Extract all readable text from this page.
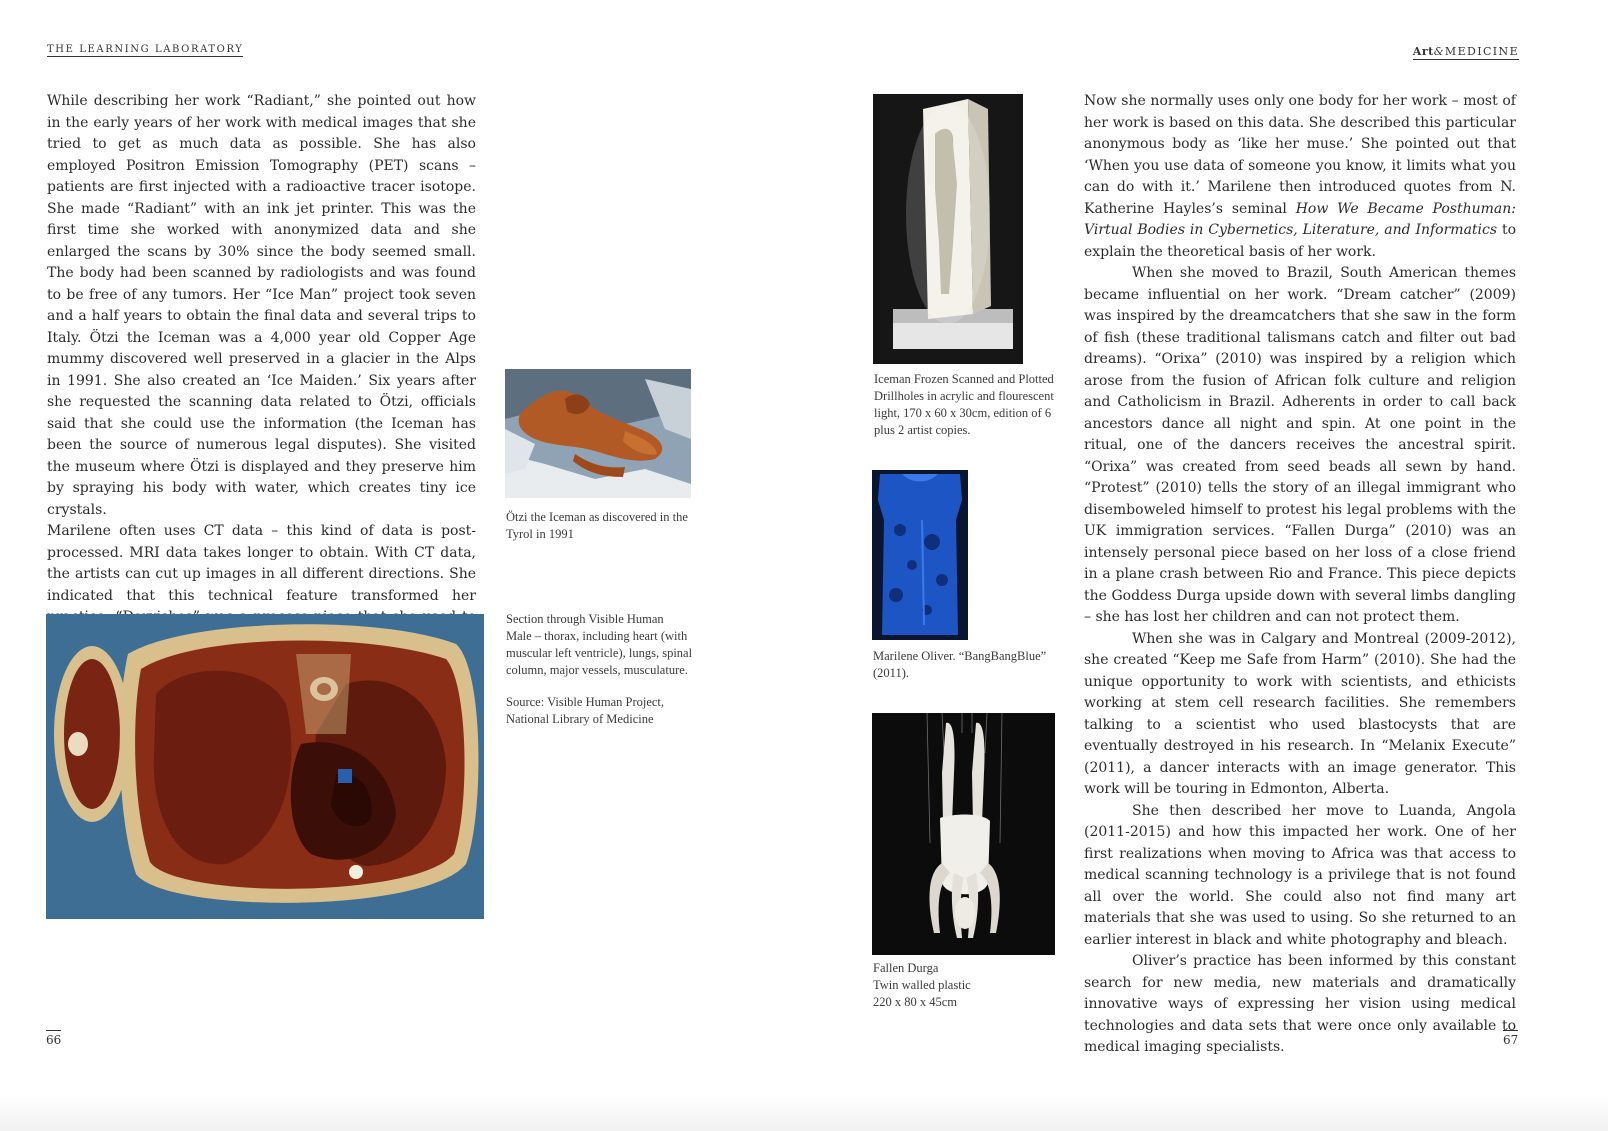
THE LEARNING LABORATORY

While describing her work “Radiant,” she pointed out how in the early years of her work with medical images that she tried to get as much data as possible. She has also employed Positron Emission Tomography (PET) scans – patients are first injected with a radioactive tracer isotope. She made “Radiant” with an ink jet printer. This was the first time she worked with anonymized data and she enlarged the scans by 30% since the body seemed small. The body had been scanned by radiologists and was found to be free of any tumors. Her “Ice Man” project took seven and a half years to obtain the final data and several trips to Italy. Ötzi the Iceman was a 4,000 year old Copper Age mummy discovered well preserved in a glacier in the Alps in 1991. She also created an ‘Ice Maiden.’ Six years after she requested the scanning data related to Ötzi, officials said that she could use the information (the Iceman has been the source of numerous legal disputes). She visited the museum where Ötzi is displayed and they preserve him by spraying his body with water, which creates tiny ice crystals.

Marilene often uses CT data – this kind of data is post-processed. MRI data takes longer to obtain. With CT data, the artists can cut up images in all different directions. She indicated that this technical feature transformed her

Ötzi the Iceman as discovered in the
Tyrol in 1991
Section through Visible Human
Male – thorax, including heart (with
muscular left ventricle), lungs, spinal
column, major vessels, musculature.
Source: Visible Human Project,
National Library of Medicine
66
Art&MEDICINE
Iceman Frozen Scanned and Plotted
Drillholes in acrylic and flourescent
light, 170 x 60 x 30cm, edition of 6
plus 2 artist copies.
Marilene Oliver. “BangBangBlue”
(2011).
Fallen Durga
Twin walled plastic
220 x 80 x 45cm

Now she normally uses only one body for her work – most of her work is based on this data. She described this particular anonymous body as ‘like her muse.’ She pointed out that ‘When you use data of someone you know, it limits what you can do with it.’ Marilene then introduced quotes from N. Katherine Hayles’s seminal How We Became Posthuman: Virtual Bodies in Cybernetics, Literature, and Informatics to explain the theoretical basis of her work.

When she moved to Brazil, South American themes became influential on her work. “Dream catcher” (2009) was inspired by the dreamcatchers that she saw in the form of fish (these traditional talismans catch and filter out bad dreams). “Orixa” (2010) was inspired by a religion which arose from the fusion of African folk culture and religion and Catholicism in Brazil. Adherents in order to call back ancestors dance all night and spin. At one point in the ritual, one of the dancers receives the ancestral spirit. “Orixa” was created from seed beads all sewn by hand. “Protest” (2010) tells the story of an illegal immigrant who disemboweled himself to protest his legal problems with the UK immigration services. “Fallen Durga” (2010) was an intensely personal piece based on her loss of a close friend in a plane crash between Rio and France. This piece depicts the Goddess Durga upside down with several limbs dangling – she has lost her children and can not protect them.

When she was in Calgary and Montreal (2009-2012), she created “Keep me Safe from Harm” (2010). She had the unique opportunity to work with scientists, and ethicists working at stem cell research facilities. She remembers talking to a scientist who used blastocysts that are eventually destroyed in his research. In “Melanix Execute” (2011), a dancer interacts with an image generator. This work will be touring in Edmonton, Alberta.

She then described her move to Luanda, Angola (2011-2015) and how this impacted her work. One of her first realizations when moving to Africa was that access to medical scanning technology is a privilege that is not found all over the world. She could also not find many art materials that she was used to using. So she returned to an earlier interest in black and white photography and bleach.

Oliver’s practice has been informed by this constant search for new media, new materials and dramatically innovative ways of expressing her vision using medical technologies and data sets that were once only available to medical imaging specialists.	67
